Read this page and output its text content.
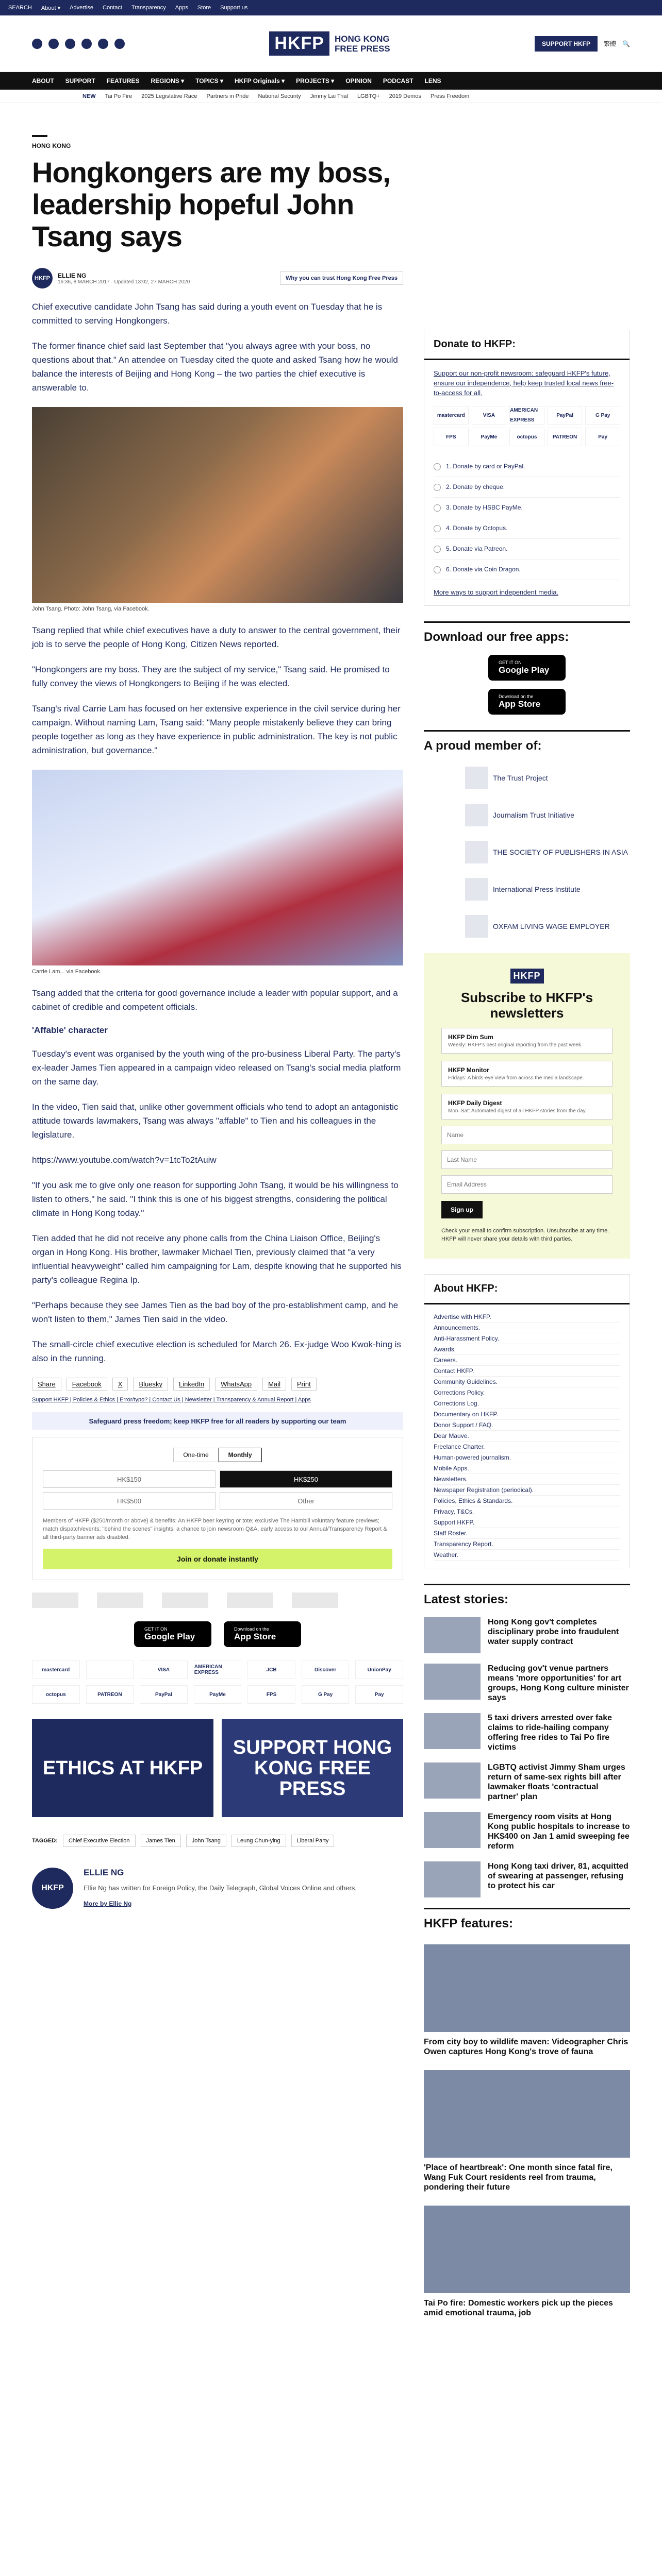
SEARCH About ▾ Advertise Contact Transparency Apps Store Support us
HKFP	HONG KONG
FREE PRESS	SUPPORT HKFP	繁體 🔍
ABOUT SUPPORT FEATURES REGIONS ▾ TOPICS ▾ HKFP Originals ▾ PROJECTS ▾ OPINION PODCAST LENS
NEW Tai Po Fire 2025 Legislative Race Partners in Pride National Security Jimmy Lai Trial LGBTQ+ 2019 Demos Press Freedom
HONG KONG
Hongkongers are my boss, leadership hopeful John Tsang says
HKFP	ELLIE NG
16:36, 8 MARCH 2017 · Updated 13:02, 27 MARCH 2020
Why you can trust Hong Kong Free Press

Chief executive candidate John Tsang has said during a youth event on Tuesday that he is committed to serving Hongkongers.

The former finance chief said last September that "you always agree with your boss, no questions about that." An attendee on Tuesday cited the quote and asked Tsang how he would balance the interests of Beijing and Hong Kong – the two parties the chief executive is answerable to.

John Tsang. Photo: John Tsang, via Facebook.

Tsang replied that while chief executives have a duty to answer to the central government, their job is to serve the people of Hong Kong, Citizen News reported.

"Hongkongers are my boss. They are the subject of my service," Tsang said. He promised to fully convey the views of Hongkongers to Beijing if he was elected.

Tsang's rival Carrie Lam has focused on her extensive experience in the civil service during her campaign. Without naming Lam, Tsang said: "Many people mistakenly believe they can bring people together as long as they have experience in public administration. The key is not public administration, but governance."

Carrie Lam... via Facebook.

Tsang added that the criteria for good governance include a leader with popular support, and a cabinet of credible and competent officials.

'Affable' character

Tuesday's event was organised by the youth wing of the pro-business Liberal Party. The party's ex-leader James Tien appeared in a campaign video released on Tsang's social media platform on the same day.

In the video, Tien said that, unlike other government officials who tend to adopt an antagonistic attitude towards lawmakers, Tsang was always "affable" to Tien and his colleagues in the legislature.

https://www.youtube.com/watch?v=1tcTo2tAuiw

"If you ask me to give only one reason for supporting John Tsang, it would be his willingness to listen to others," he said. "I think this is one of his biggest strengths, considering the political climate in Hong Kong today."

Tien added that he did not receive any phone calls from the China Liaison Office, Beijing's organ in Hong Kong. His brother, lawmaker Michael Tien, previously claimed that "a very influential heavyweight" called him campaigning for Lam, despite knowing that he supported his party's colleague Regina Ip.

"Perhaps because they see James Tien as the bad boy of the pro-establishment camp, and he won't listen to them," James Tien said in the video.

The small-circle chief executive election is scheduled for March 26. Ex-judge Woo Kwok-hing is also in the running.

Share	Facebook	X	Bluesky	LinkedIn	WhatsApp	Mail	Print
Support HKFP | Policies & Ethics | Error/typo? | Contact Us | Newsletter | Transparency & Annual Report | Apps
Safeguard press freedom; keep HKFP free for all readers by supporting our team
One-time	Monthly
HK$150	HK$250
HK$500	Other
Members of HKFP ($250/month or above) & benefits: An HKFP beer keyring or tote; exclusive The Hambill voluntary feature previews; match dispatch/events; "behind the scenes" insights; a chance to join newsroom Q&A, early access to our Annual/Transparency Report & all third-party banner ads disabled.
Join or donate instantly
GET IT ON
Google Play
Download on the
App Store
mastercard	VISA	AMERICAN EXPRESS	JCB	Discover	UnionPay
octopus	PATREON	PayPal	PayMe	FPS	G Pay	Pay
ETHICS AT HKFP
SUPPORT HONG KONG FREE PRESS
TAGGED:	Chief Executive Election	James Tien	John Tsang	Leung Chun-ying	Liberal Party
HKFP
ELLIE NG

Ellie Ng has written for Foreign Policy, the Daily Telegraph, Global Voices Online and others.

More by Ellie Ng
Donate to HKFP:
Support our non-profit newsroom: safeguard HKFP's future, ensure our independence, help keep trusted local news free-to-access for all.
mastercard	VISA
AMERICAN EXPRESS
PayPal	G Pay
FPS	PayMe	octopus	PATREON	Pay
1. Donate by card or PayPal.
2. Donate by cheque.
3. Donate by HSBC PayMe.
4. Donate by Octopus.
5. Donate via Patreon.
6. Donate via Coin Dragon.
More ways to support independent media.
Download our free apps:
GET IT ON
Google Play
Download on the
App Store
A proud member of:
The Trust Project
Journalism Trust Initiative
THE SOCIETY OF PUBLISHERS IN ASIA
International Press Institute
OXFAM LIVING WAGE EMPLOYER
HKFP
Subscribe to HKFP's newsletters
HKFP Dim Sum
Weekly: HKFP's best original reporting from the past week.
HKFP Monitor
Fridays: A birds-eye view from across the media landscape.
HKFP Daily Digest
Mon–Sat: Automated digest of all HKFP stories from the day.
Name
Last Name
Email Address
Sign up
Check your email to confirm subscription. Unsubscribe at any time. HKFP will never share your details with third parties.
About HKFP:
Advertise with HKFP.
Announcements.
Anti-Harassment Policy.
Awards.
Careers.
Contact HKFP.
Community Guidelines.
Corrections Policy.
Corrections Log.
Documentary on HKFP.
Donor Support / FAQ.
Dear Mauve.
Freelance Charter.
Human-powered journalism.
Mobile Apps.
Newsletters.
Newspaper Registration (periodical).
Policies, Ethics & Standards.
Privacy, T&Cs.
Support HKFP.
Staff Roster.
Transparency Report.
Weather.
Latest stories:
Hong Kong gov't completes disciplinary probe into fraudulent water supply contract
Reducing gov't venue partners means 'more opportunities' for art groups, Hong Kong culture minister says
5 taxi drivers arrested over fake claims to ride-hailing company offering free rides to Tai Po fire victims
LGBTQ activist Jimmy Sham urges return of same-sex rights bill after lawmaker floats 'contractual partner' plan
Emergency room visits at Hong Kong public hospitals to increase to HK$400 on Jan 1 amid sweeping fee reform
Hong Kong taxi driver, 81, acquitted of swearing at passenger, refusing to protect his car
HKFP features:
From city boy to wildlife maven: Videographer Chris Owen captures Hong Kong's trove of fauna
'Place of heartbreak': One month since fatal fire, Wang Fuk Court residents reel from trauma, pondering their future
Tai Po fire: Domestic workers pick up the pieces amid emotional trauma, job
